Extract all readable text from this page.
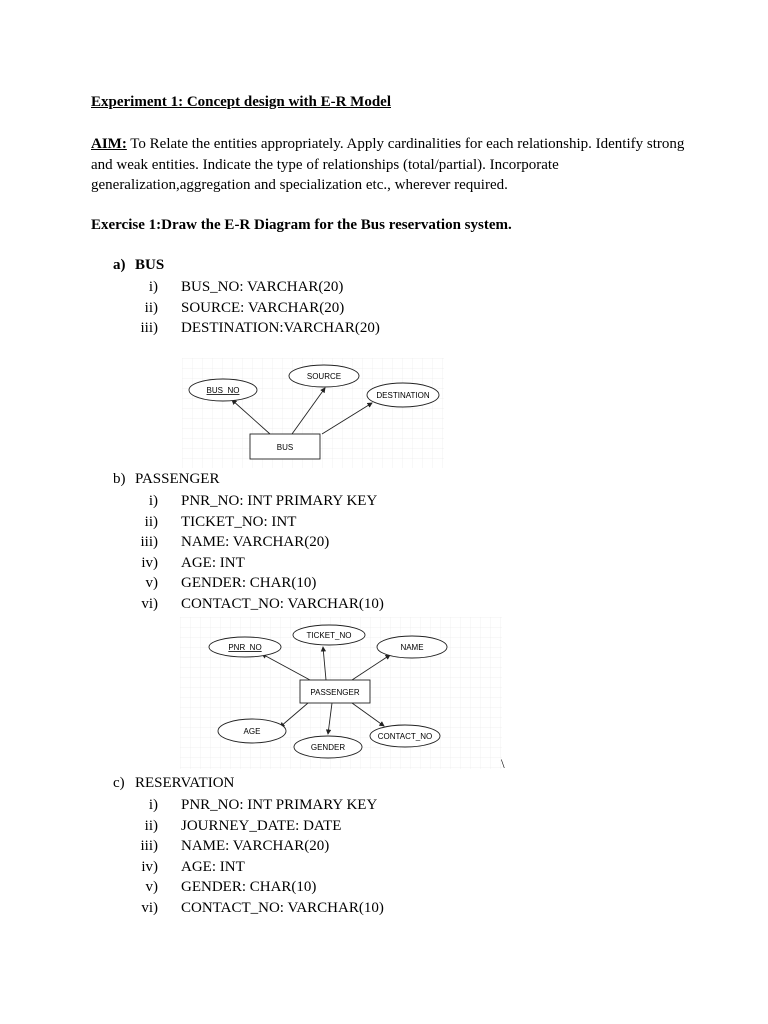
Experiment 1: Concept design with E-R Model
AIM: To Relate the entities appropriately. Apply cardinalities for each relationship. Identify strong and weak entities. Indicate the type of relationships (total/partial). Incorporate generalization,aggregation and specialization etc., wherever required.
Exercise 1:Draw the E-R Diagram for the Bus reservation system.
a) BUS
i) BUS_NO: VARCHAR(20)
ii) SOURCE: VARCHAR(20)
iii) DESTINATION:VARCHAR(20)
BUS_NO
SOURCE
DESTINATION
BUS
b) PASSENGER
i) PNR_NO: INT PRIMARY KEY
ii) TICKET_NO: INT
iii) NAME: VARCHAR(20)
iv) AGE: INT
v) GENDER: CHAR(10)
vi) CONTACT_NO: VARCHAR(10)
PNR_NO
TICKET_NO
NAME
PASSENGER
AGE
GENDER
CONTACT_NO
\
c) RESERVATION
i) PNR_NO: INT PRIMARY KEY
ii) JOURNEY_DATE: DATE
iii) NAME: VARCHAR(20)
iv) AGE: INT
v) GENDER: CHAR(10)
vi) CONTACT_NO: VARCHAR(10)
